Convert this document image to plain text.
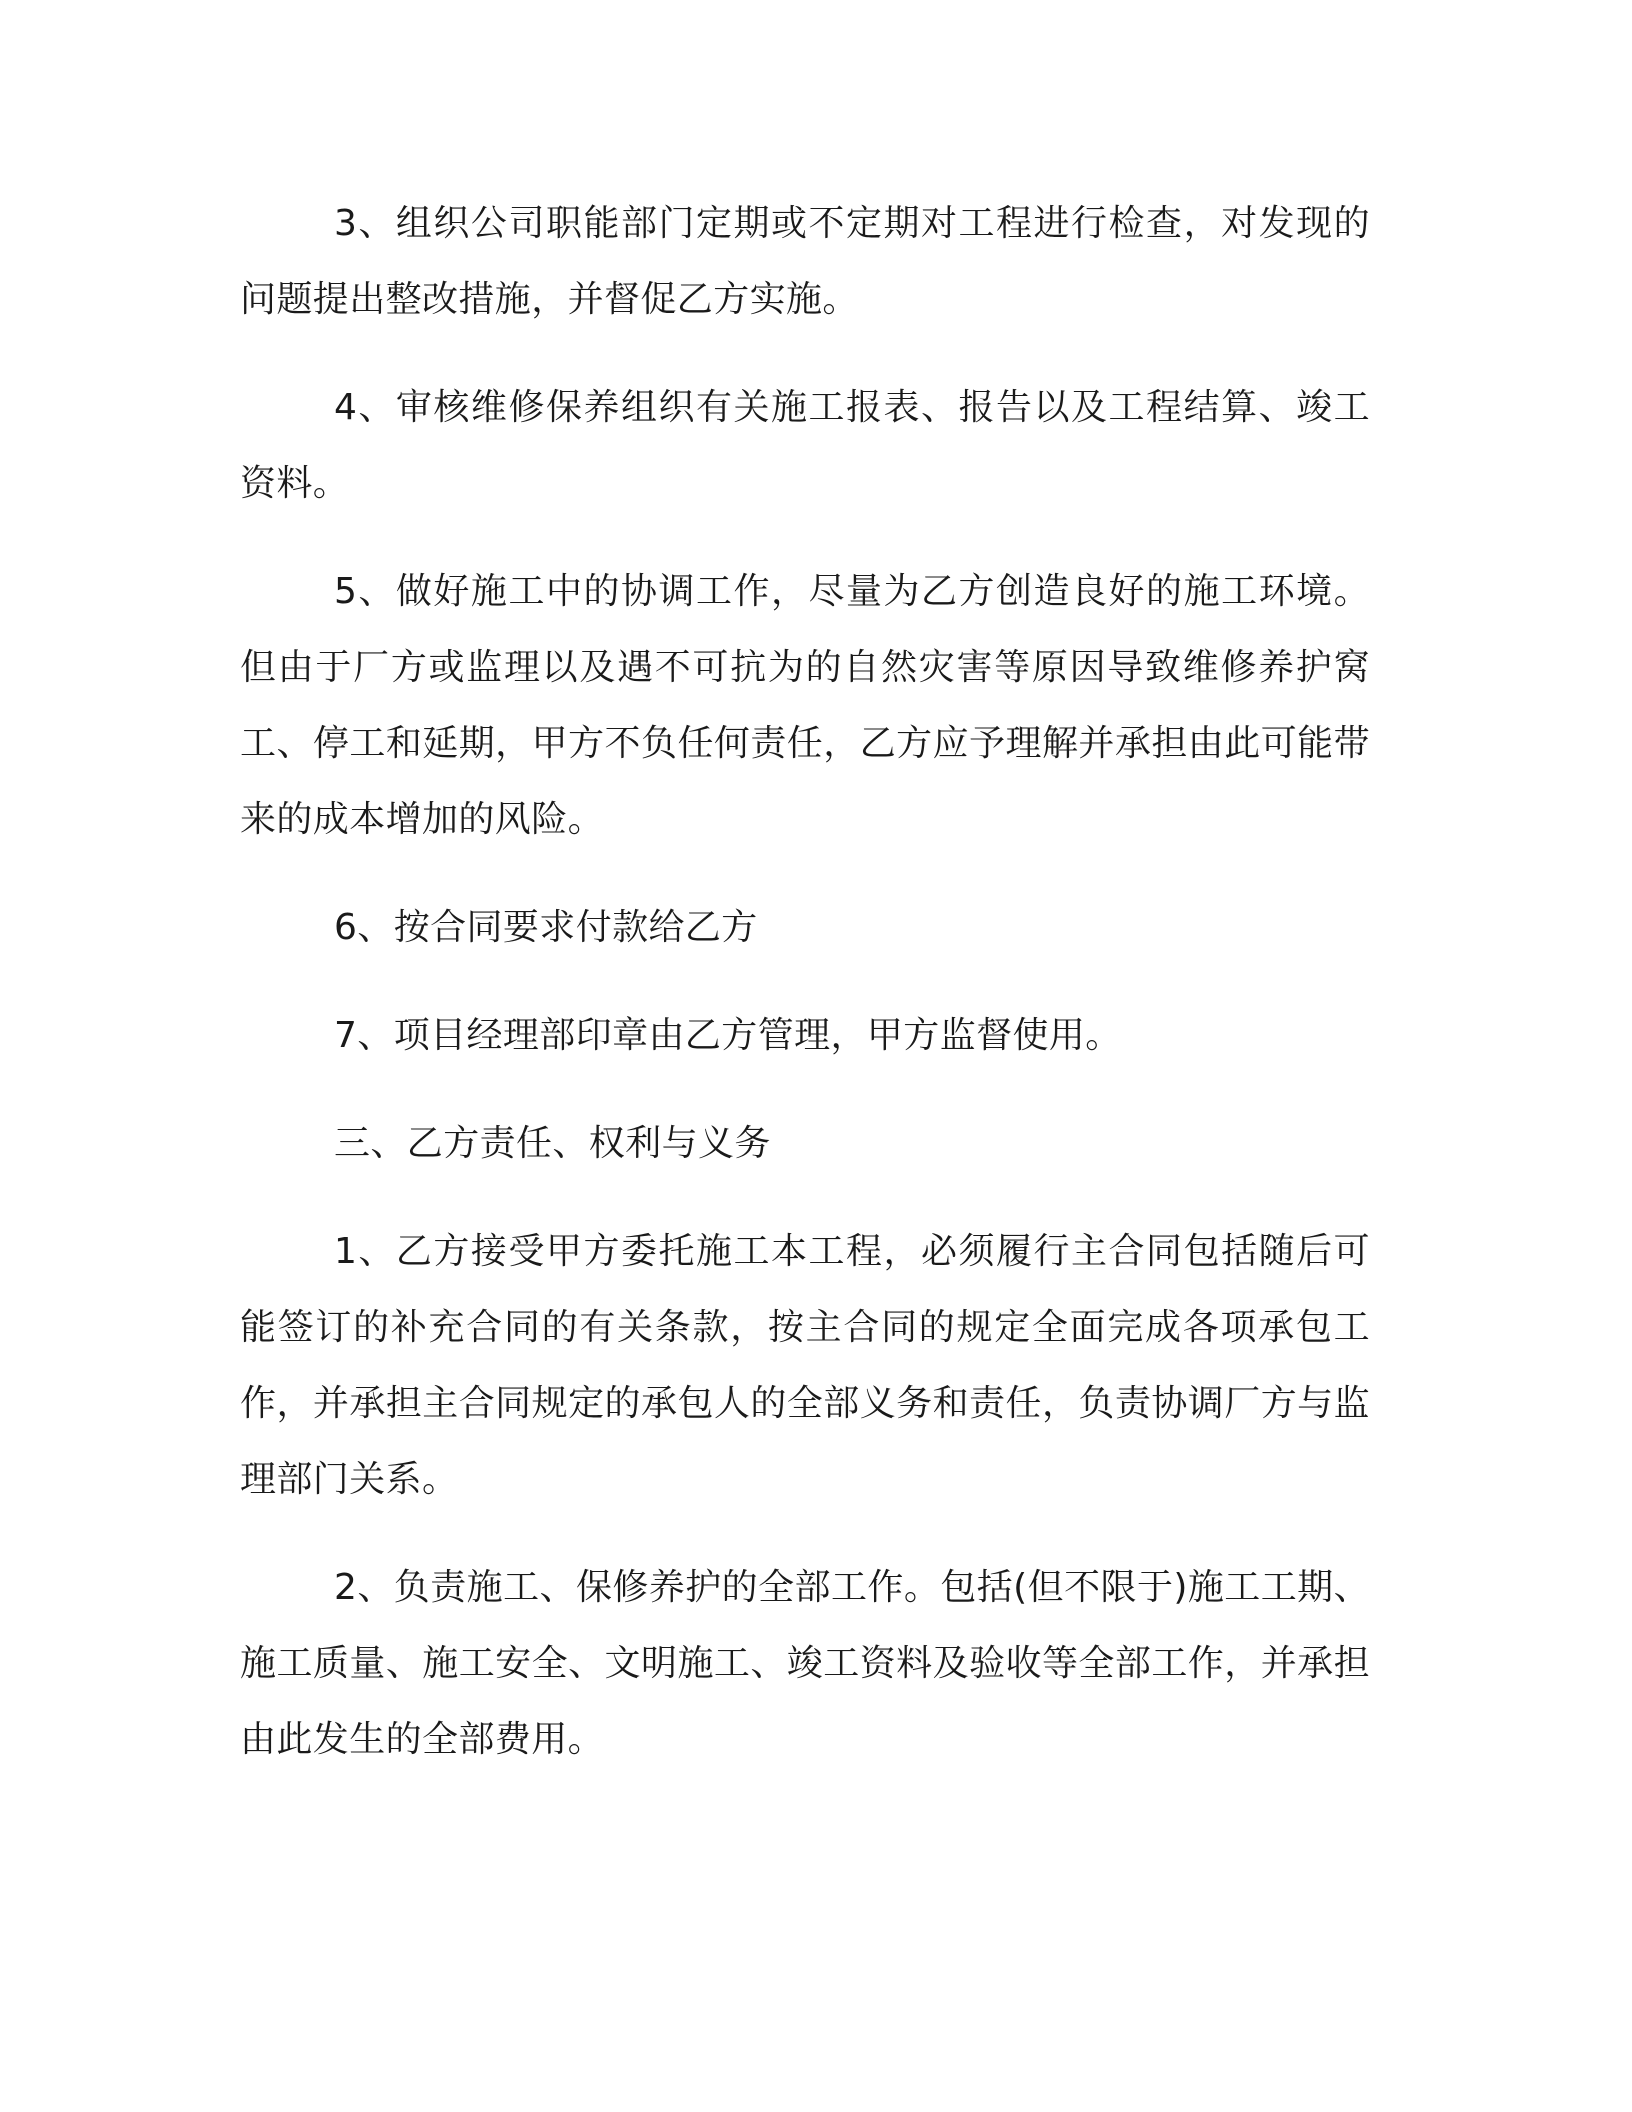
3、组织公司职能部门定期或不定期对工程进行检查，对发现的问题提出整改措施，并督促乙方实施。

4、审核维修保养组织有关施工报表、报告以及工程结算、竣工资料。

5、做好施工中的协调工作，尽量为乙方创造良好的施工环境。但由于厂方或监理以及遇不可抗为的自然灾害等原因导致维修养护窝工、停工和延期，甲方不负任何责任，乙方应予理解并承担由此可能带来的成本增加的风险。

6、按合同要求付款给乙方

7、项目经理部印章由乙方管理，甲方监督使用。

三、乙方责任、权利与义务

1、乙方接受甲方委托施工本工程，必须履行主合同包括随后可能签订的补充合同的有关条款，按主合同的规定全面完成各项承包工作，并承担主合同规定的承包人的全部义务和责任，负责协调厂方与监理部门关系。

2、负责施工、保修养护的全部工作。包括(但不限于)施工工期、施工质量、施工安全、文明施工、竣工资料及验收等全部工作，并承担由此发生的全部费用。
